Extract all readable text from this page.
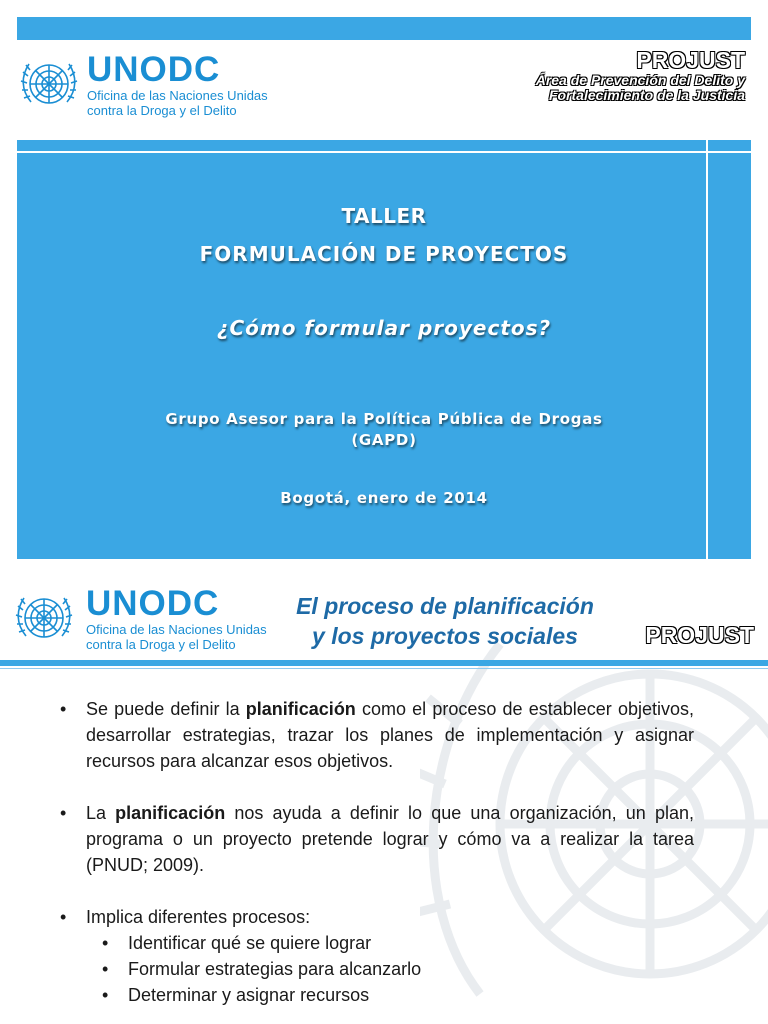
UNODC
Oficina de las Naciones Unidas
contra la Droga y el Delito
PROJUST
Área de Prevención del Delito y
Fortalecimiento de la Justicia
TALLER
FORMULACIÓN DE PROYECTOS
¿Cómo formular proyectos?
Grupo Asesor para la Política Pública de Drogas
(GAPD)
Bogotá, enero de 2014
UNODC
Oficina de las Naciones Unidas
contra la Droga y el Delito
El proceso de planificación
y los proyectos sociales	PROJUST
• Se puede definir la planificación como el proceso de establecer objetivos, desarrollar estrategias, trazar los planes de implementación y asignar recursos para alcanzar esos objetivos.
• La planificación nos ayuda a definir lo que una organización, un plan, programa o un proyecto pretende lograr y cómo va a realizar la tarea (PNUD; 2009).
• Implica diferentes procesos:
• Identificar qué se quiere lograr
• Formular estrategias para alcanzarlo
• Determinar y asignar recursos
